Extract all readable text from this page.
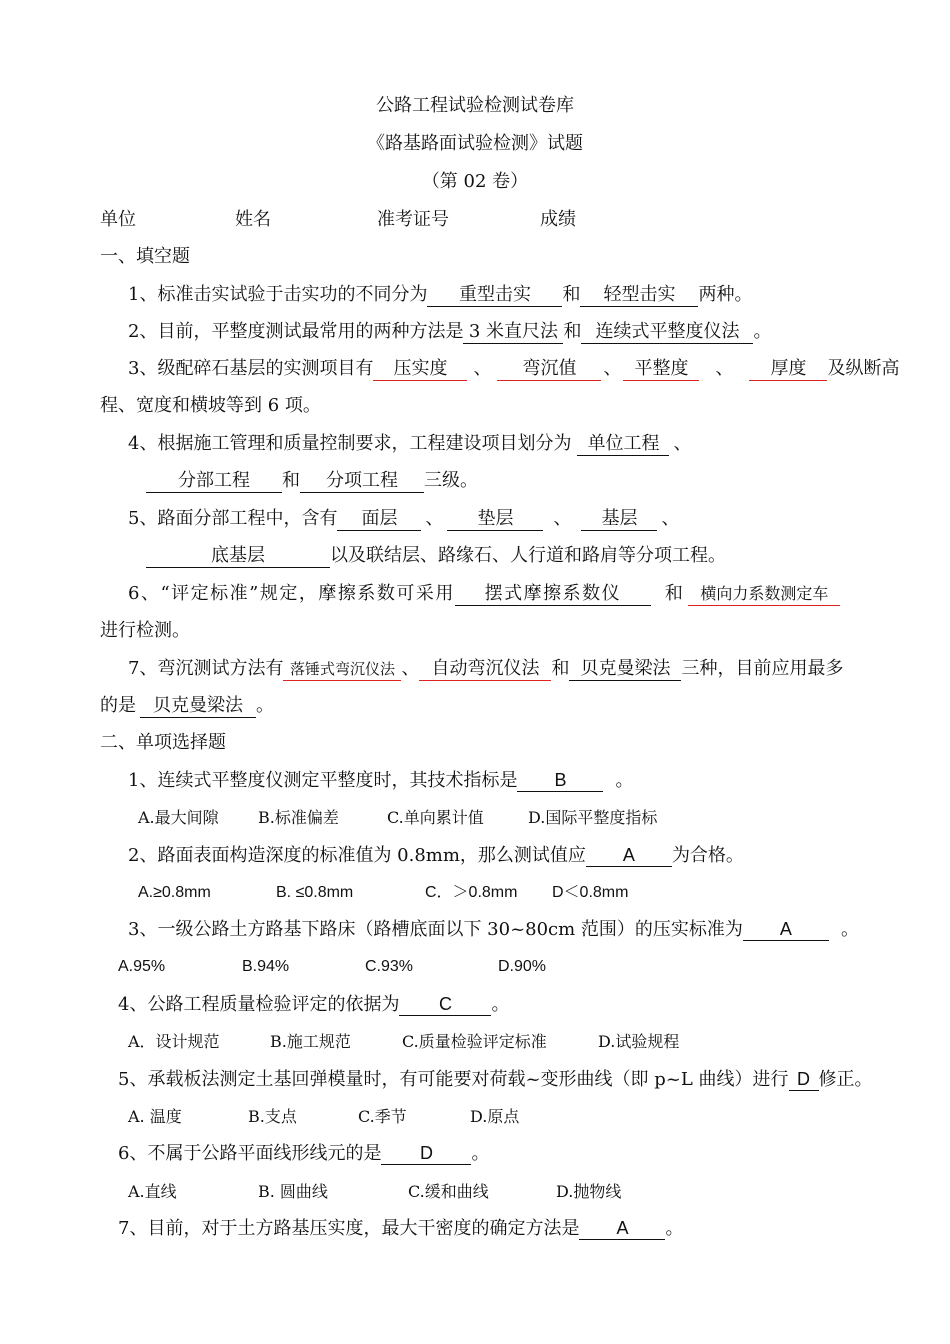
公路工程试验检测试卷库
《路基路面试验检测》试题
（第 02 卷）
单位	姓名	准考证号	成绩
一、填空题
1、标准击实试验于击实功的不同分为 重型击实 和 轻型击实 两种。
2、目前，平整度测试最常用的两种方法是 3 米直尺法 和 连续式平整度仪法 。
3、级配碎石基层的实测项目有 压实度 、 弯沉值 、 平整度 、 厚度 及纵断高
程、宽度和横坡等到 6 项。
4、根据施工管理和质量控制要求，工程建设项目划分为 单位工程 、
分部工程 和 分项工程 三级。
5、路面分部工程中，含有 面层 、 垫层 、 基层 、
底基层	以及联结层、路缘石、人行道和路肩等分项工程。
6、“评定标准”规定，摩擦系数可采用 摆式摩擦系数仪 和 横向力系数测定车
进行检测。
7、弯沉测试方法有 落锤式弯沉仪法 、 自动弯沉仪法 和 贝克曼梁法 三种，目前应用最多
的是 贝克曼梁法 。
二、单项选择题
1、连续式平整度仪测定平整度时，其技术指标是 B	。
A.最大间隙 B.标准偏差	C.单向累计值	D.国际平整度指标
2、路面表面构造深度的标准值为 0.8mm，那么测试值应 A 为合格。
A.≥0.8mm	B. ≤0.8mm	C．＞0.8mm D＜0.8mm
3、一级公路土方路基下路床（路槽底面以下 30~80cm 范围）的压实标准为 A	。
A.95%	B.94%	C.93%	D.90%
4、公路工程质量检验评定的依据为 C 。
A．设计规范	B.施工规范	C.质量检验评定标准	D.试验规程
5、承载板法测定土基回弹模量时，有可能要对荷载~变形曲线（即 p~L 曲线）进行 D 修正。
A. 温度	B.支点	C.季节	D.原点
6、不属于公路平面线形线元的是 D 。
A.直线	B. 圆曲线	C.缓和曲线	D.抛物线
7、目前，对于土方路基压实度，最大干密度的确定方法是 A 。
